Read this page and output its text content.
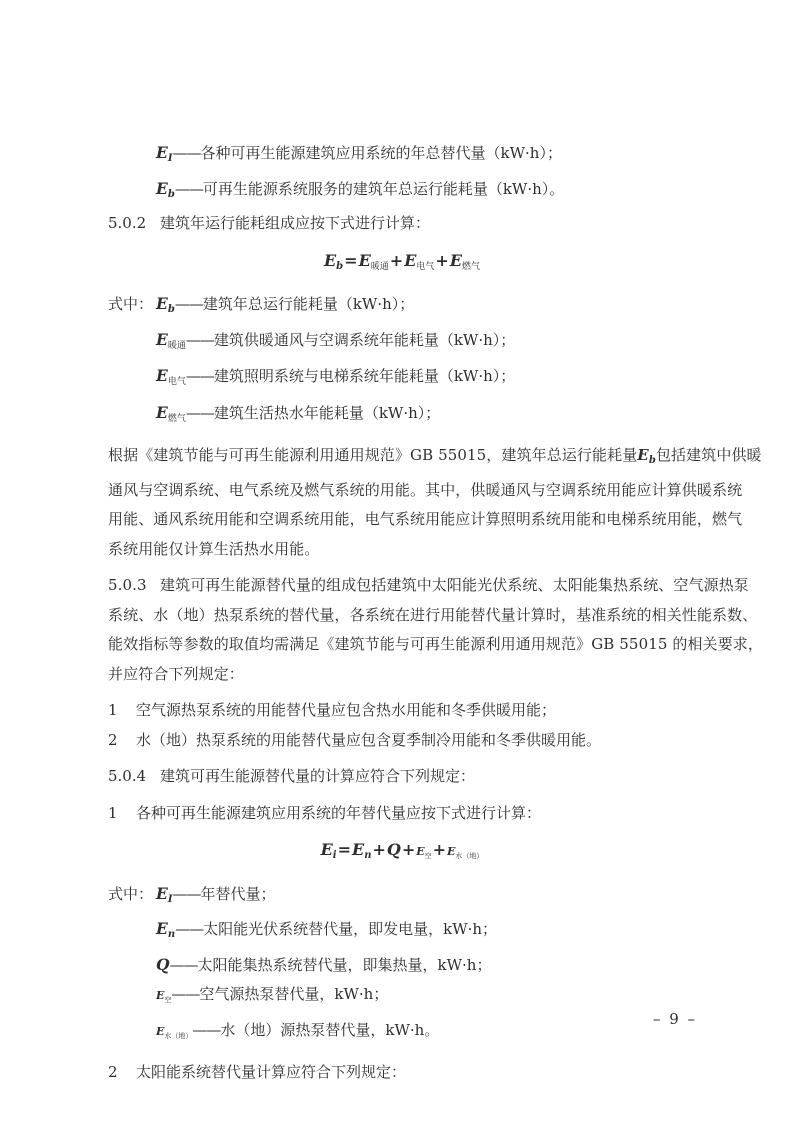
EI——各种可再生能源建筑应用系统的年总替代量（kW·h）；
Eb——可再生能源系统服务的建筑年总运行能耗量（kW·h）。
5.0.2 建筑年运行能耗组成应按下式进行计算：
$Eb=E_{暖通}+E_{电气}+E_{燃气}$
式中： Eb——建筑年总运行能耗量（kW·h）；
$E_{暖通}——$建筑供暖通风与空调系统年能耗量（kW·h）；
$E_{电气}——$建筑照明系统与电梯系统年能耗量（kW·h）；
$E_{燃气}——$建筑生活热水年能耗量（kW·h）；
根据《建筑节能与可再生能源利用通用规范》GB 55015，建筑年总运行能耗量$E_b$包括建筑中供暖
通风与空调系统、电气系统及燃气系统的用能。其中，供暖通风与空调系统用能应计算供暖系统
用能、通风系统用能和空调系统用能，电气系统用能应计算照明系统用能和电梯系统用能，燃气
系统用能仅计算生活热水用能。
5.0.3 建筑可再生能源替代量的组成包括建筑中太阳能光伏系统、太阳能集热系统、空气源热泵
系统、水（地）热泵系统的替代量，各系统在进行用能替代量计算时，基准系统的相关性能系数、
能效指标等参数的取值均需满足《建筑节能与可再生能源利用通用规范》GB 55015 的相关要求，
并应符合下列规定：
1 空气源热泵系统的用能替代量应包含热水用能和冬季供暖用能；
2 水（地）热泵系统的用能替代量应包含夏季制冷用能和冬季供暖用能。
5.0.4 建筑可再生能源替代量的计算应符合下列规定：
1 各种可再生能源建筑应用系统的年替代量应按下式进行计算：
$Ei=En+Q+E_空+E_{水(地)}$
式中： EI——年替代量；
En——太阳能光伏系统替代量，即发电量，kW·h；
Q——太阳能集热系统替代量，即集热量，kW·h；
$E_空——$空气源热泵替代量，kW·h；
$E_{水(地)}——$水（地）源热泵替代量，kW·h。
2 太阳能系统替代量计算应符合下列规定：
– 9 –
